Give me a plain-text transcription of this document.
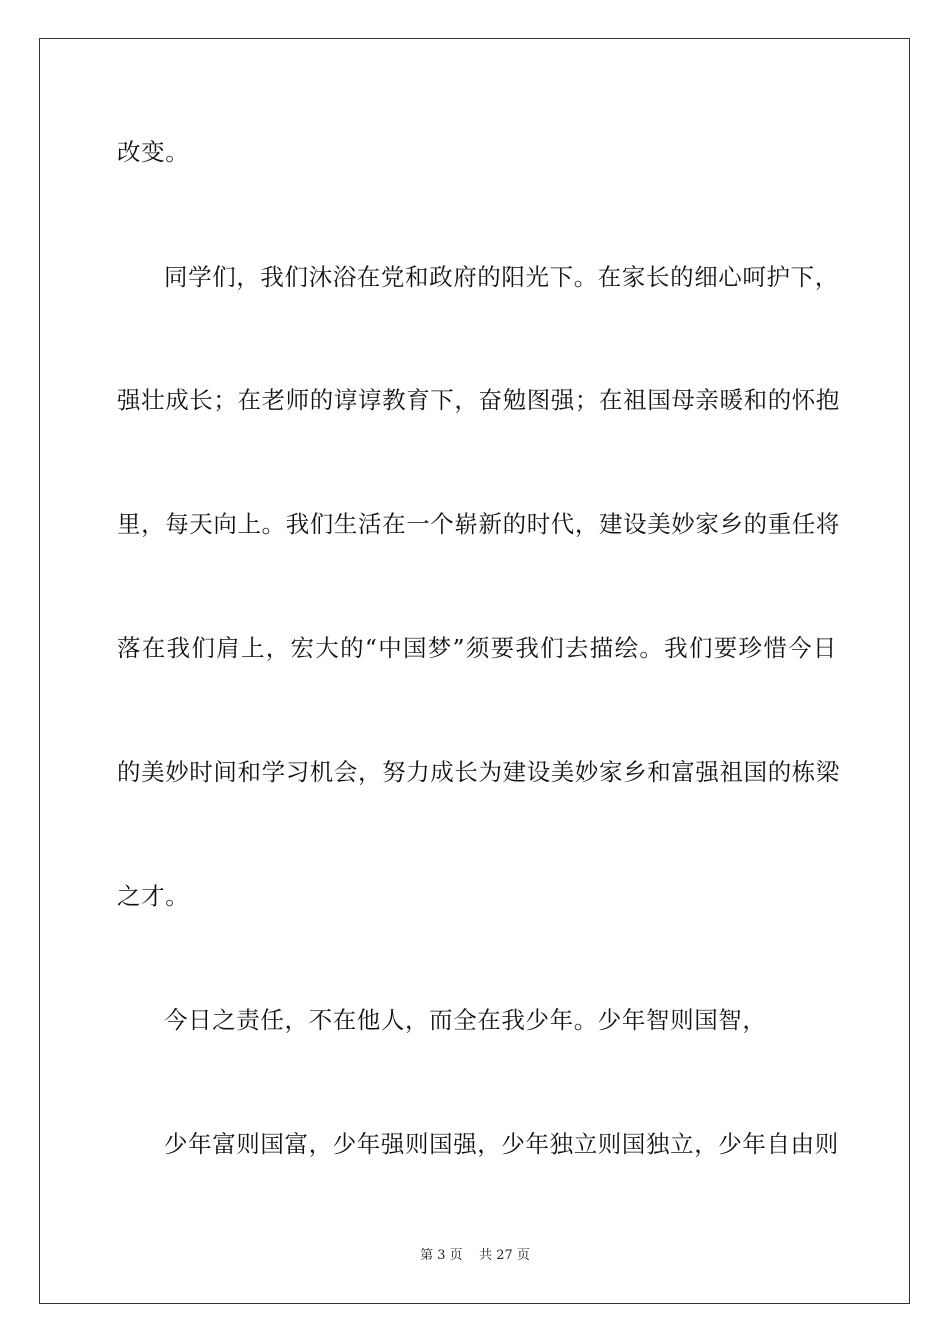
改变。
同学们，我们沐浴在党和政府的阳光下。在家长的细心呵护下，
强壮成长；在老师的谆谆教育下，奋勉图强；在祖国母亲暖和的怀抱
里，每天向上。我们生活在一个崭新的时代，建设美妙家乡的重任将
落在我们肩上，宏大的“中国梦”须要我们去描绘。我们要珍惜今日
的美妙时间和学习机会，努力成长为建设美妙家乡和富强祖国的栋梁
之才。
今日之责任，不在他人，而全在我少年。少年智则国智，
少年富则国富，少年强则国强，少年独立则国独立，少年自由则
第 3 页    共 27 页
